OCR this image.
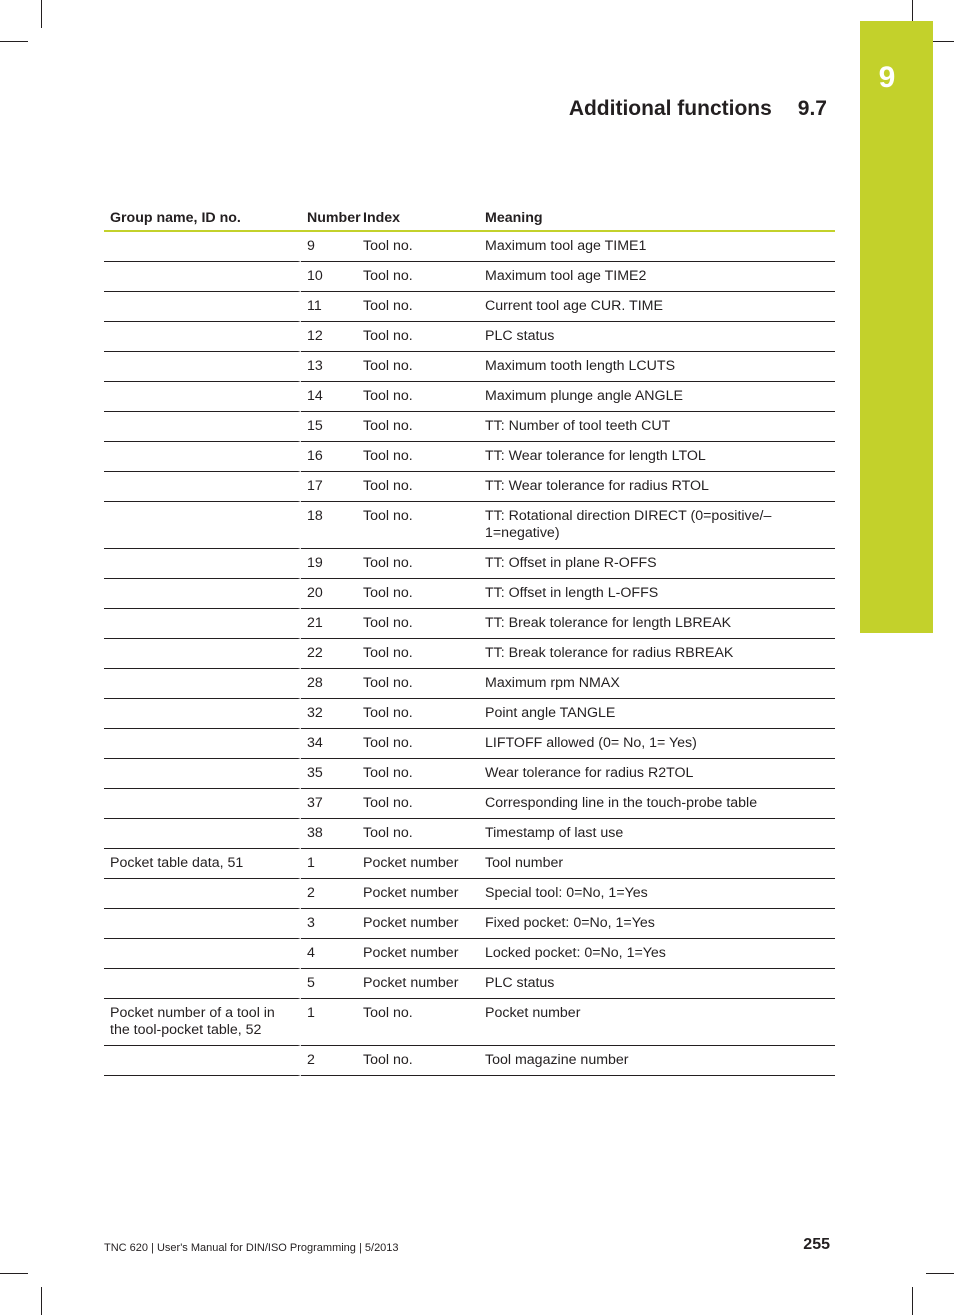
9
Additional functions 9.7
Group name, ID no.	Number	Index	Meaning
	9	Tool no.	Maximum tool age TIME1
	10	Tool no.	Maximum tool age TIME2
	11	Tool no.	Current tool age CUR. TIME
	12	Tool no.	PLC status
	13	Tool no.	Maximum tooth length LCUTS
	14	Tool no.	Maximum plunge angle ANGLE
	15	Tool no.	TT: Number of tool teeth CUT
	16	Tool no.	TT: Wear tolerance for length LTOL
	17	Tool no.	TT: Wear tolerance for radius RTOL
	18	Tool no.	TT: Rotational direction DIRECT (0=positive/–1=negative)
	19	Tool no.	TT: Offset in plane R-OFFS
	20	Tool no.	TT: Offset in length L-OFFS
	21	Tool no.	TT: Break tolerance for length LBREAK
	22	Tool no.	TT: Break tolerance for radius RBREAK
	28	Tool no.	Maximum rpm NMAX
	32	Tool no.	Point angle TANGLE
	34	Tool no.	LIFTOFF allowed (0= No, 1= Yes)
	35	Tool no.	Wear tolerance for radius R2TOL
	37	Tool no.	Corresponding line in the touch-probe table
	38	Tool no.	Timestamp of last use
Pocket table data, 51	1	Pocket number	Tool number
	2	Pocket number	Special tool: 0=No, 1=Yes
	3	Pocket number	Fixed pocket: 0=No, 1=Yes
	4	Pocket number	Locked pocket: 0=No, 1=Yes
	5	Pocket number	PLC status
Pocket number of a tool in the tool-pocket table, 52	1	Tool no.	Pocket number
	2	Tool no.	Tool magazine number
TNC 620 | User's Manual for DIN/ISO Programming | 5/2013	255
